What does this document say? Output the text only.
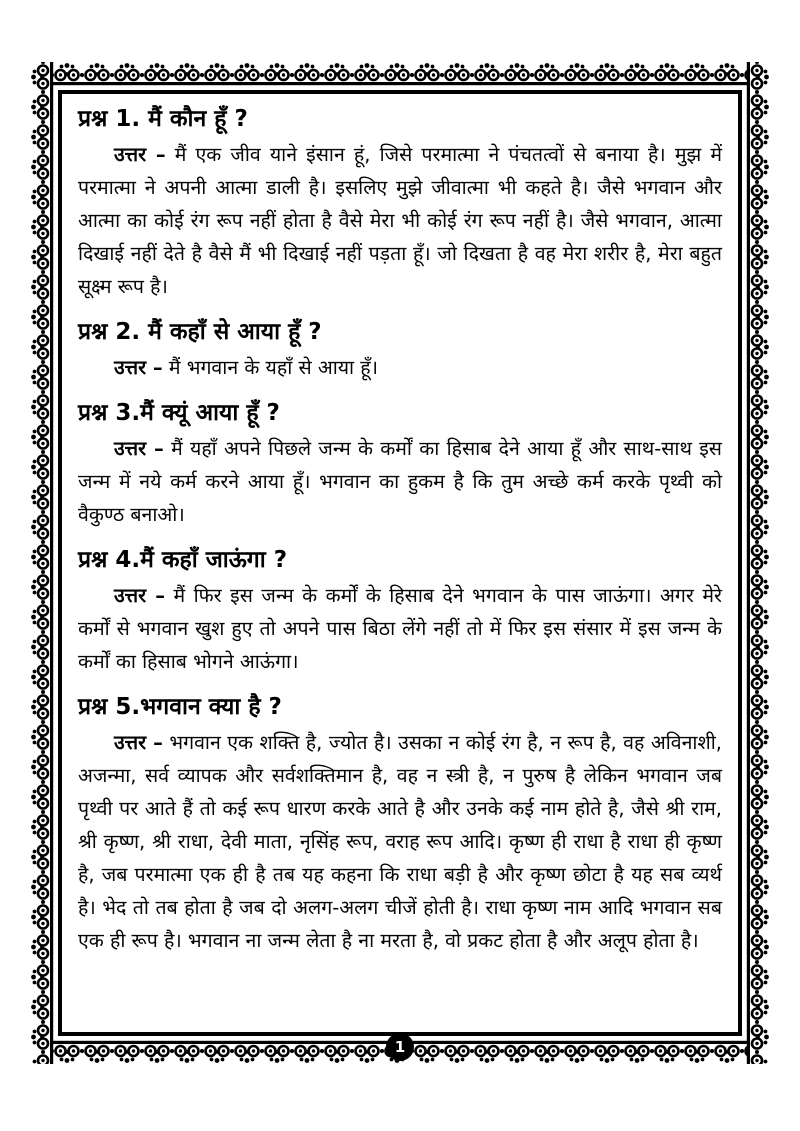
प्रश्न 1. मैं कौन हूँ ?

उत्तर – मैं एक जीव याने इंसान हूं, जिसे परमात्मा ने पंचतत्वों से बनाया है। मुझ में परमात्मा ने अपनी आत्मा डाली है। इसलिए मुझे जीवात्मा भी कहते है। जैसे भगवान और आत्मा का कोई रंग रूप नहीं होता है वैसे मेरा भी कोई रंग रूप नहीं है। जैसे भगवान, आत्मा दिखाई नहीं देते है वैसे मैं भी दिखाई नहीं पड़ता हूँ। जो दिखता है वह मेरा शरीर है, मेरा बहुत सूक्ष्म रूप है।

प्रश्न 2. मैं कहाँ से आया हूँ ?

उत्तर – मैं भगवान के यहाँ से आया हूँ।

प्रश्न 3.मैं क्यूं आया हूँ ?

उत्तर – मैं यहाँ अपने पिछले जन्म के कर्मों का हिसाब देने आया हूँ और साथ-साथ इस जन्म में नये कर्म करने आया हूँ। भगवान का हुकम है कि तुम अच्छे कर्म करके पृथ्वी को वैकुण्ठ बनाओ।

प्रश्न 4.मैं कहाँ जाऊंगा ?

उत्तर – मैं फिर इस जन्म के कर्मों के हिसाब देने भगवान के पास जाऊंगा। अगर मेरे कर्मों से भगवान खुश हुए तो अपने पास बिठा लेंगे नहीं तो में फिर इस संसार में इस जन्म के कर्मों का हिसाब भोगने आऊंगा।

प्रश्न 5.भगवान क्या है ?

उत्तर – भगवान एक शक्ति है, ज्योत है। उसका न कोई रंग है, न रूप है, वह अविनाशी, अजन्मा, सर्व व्यापक और सर्वशक्तिमान है, वह न स्त्री है, न पुरुष है लेकिन भगवान जब पृथ्वी पर आते हैं तो कई रूप धारण करके आते है और उनके कई नाम होते है, जैसे श्री राम, श्री कृष्ण, श्री राधा, देवी माता, नृसिंह रूप, वराह रूप आदि। कृष्ण ही राधा है राधा ही कृष्ण है, जब परमात्मा एक ही है तब यह कहना कि राधा बड़ी है और कृष्ण छोटा है यह सब व्यर्थ है। भेद तो तब होता है जब दो अलग-अलग चीजें होती है। राधा कृष्ण नाम आदि भगवान सब एक ही रूप है। भगवान ना जन्म लेता है ना मरता है, वो प्रकट होता है और अलूप होता है।

1
